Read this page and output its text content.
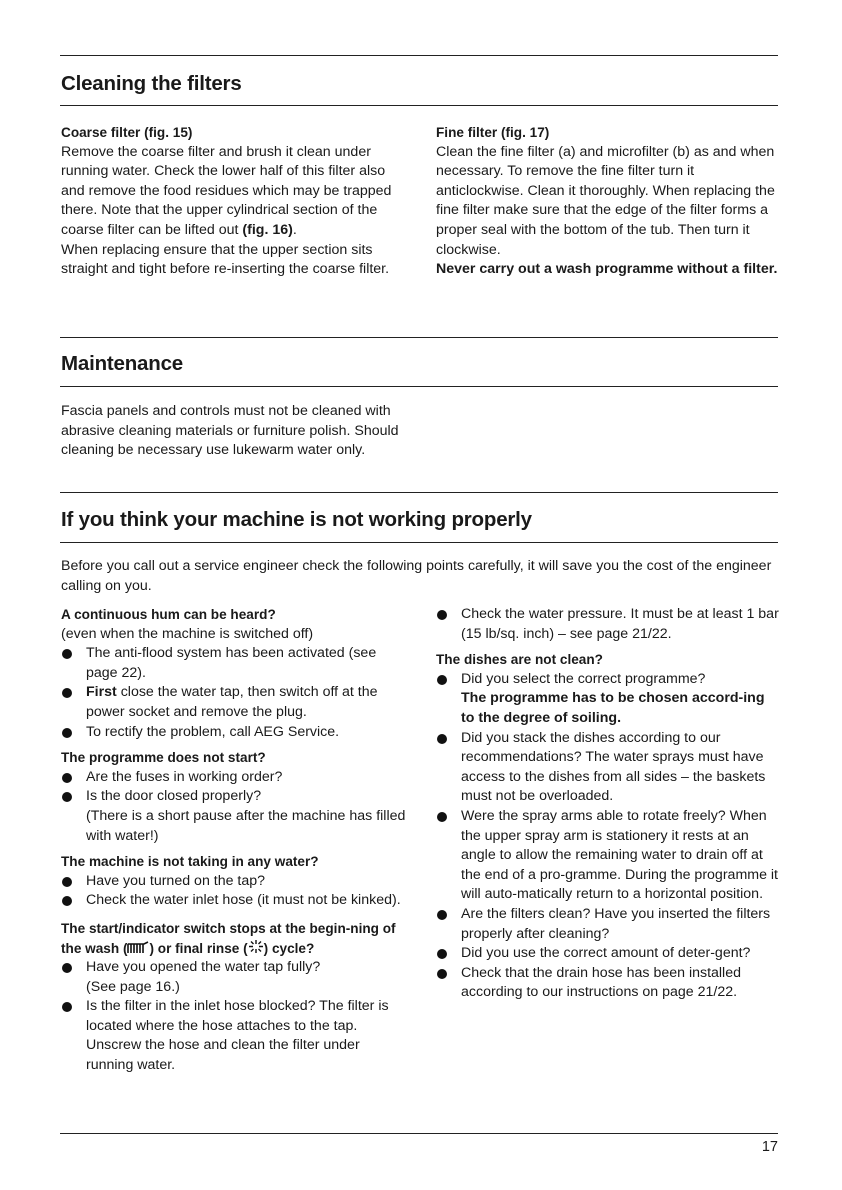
Cleaning the filters

Coarse filter (fig. 15)

Remove the coarse filter and brush it clean under running water. Check the lower half of this filter also and remove the food residues which may be trapped there. Note that the upper cylindrical section of the coarse filter can be lifted out (fig. 16).

When replacing ensure that the upper section sits straight and tight before re-inserting the coarse filter.

Fine filter (fig. 17)

Clean the fine filter (a) and microfilter (b) as and when necessary. To remove the fine filter turn it anticlockwise. Clean it thoroughly. When replacing the fine filter make sure that the edge of the filter forms a proper seal with the bottom of the tub. Then turn it clockwise.

Never carry out a wash programme without a filter.

Maintenance
Fascia panels and controls must not be cleaned with abrasive cleaning materials or furniture polish. Should cleaning be necessary use lukewarm water only.
If you think your machine is not working properly
Before you call out a service engineer check the following points carefully, it will save you the cost of the engineer calling on you.

A continuous hum can be heard?

(even when the machine is switched off)

The anti-flood system has been activated (see page 22).
First close the water tap, then switch off at the power socket and remove the plug.
To rectify the problem, call AEG Service.

The programme does not start?

Are the fuses in working order?
Is the door closed properly?
(There is a short pause after the machine has filled with water!)

The machine is not taking in any water?

Have you turned on the tap?
Check the water inlet hose (it must not be kinked).

The start/indicator switch stops at the begin-ning of the wash ( ) or final rinse ( ) cycle?

Have you opened the water tap fully?
(See page 16.)
Is the filter in the inlet hose blocked? The filter is located where the hose attaches to the tap. Unscrew the hose and clean the filter under running water.
Check the water pressure. It must be at least 1 bar (15 lb/sq. inch) – see page 21/22.

The dishes are not clean?

Did you select the correct programme?
The programme has to be chosen accord-ing to the degree of soiling.
Did you stack the dishes according to our recommendations? The water sprays must have access to the dishes from all sides – the baskets must not be overloaded.
Were the spray arms able to rotate freely? When the upper spray arm is stationery it rests at an angle to allow the remaining water to drain off at the end of a pro-gramme. During the programme it will auto-matically return to a horizontal position.
Are the filters clean? Have you inserted the filters properly after cleaning?
Did you use the correct amount of deter-gent?
Check that the drain hose has been installed according to our instructions on page 21/22.
17
